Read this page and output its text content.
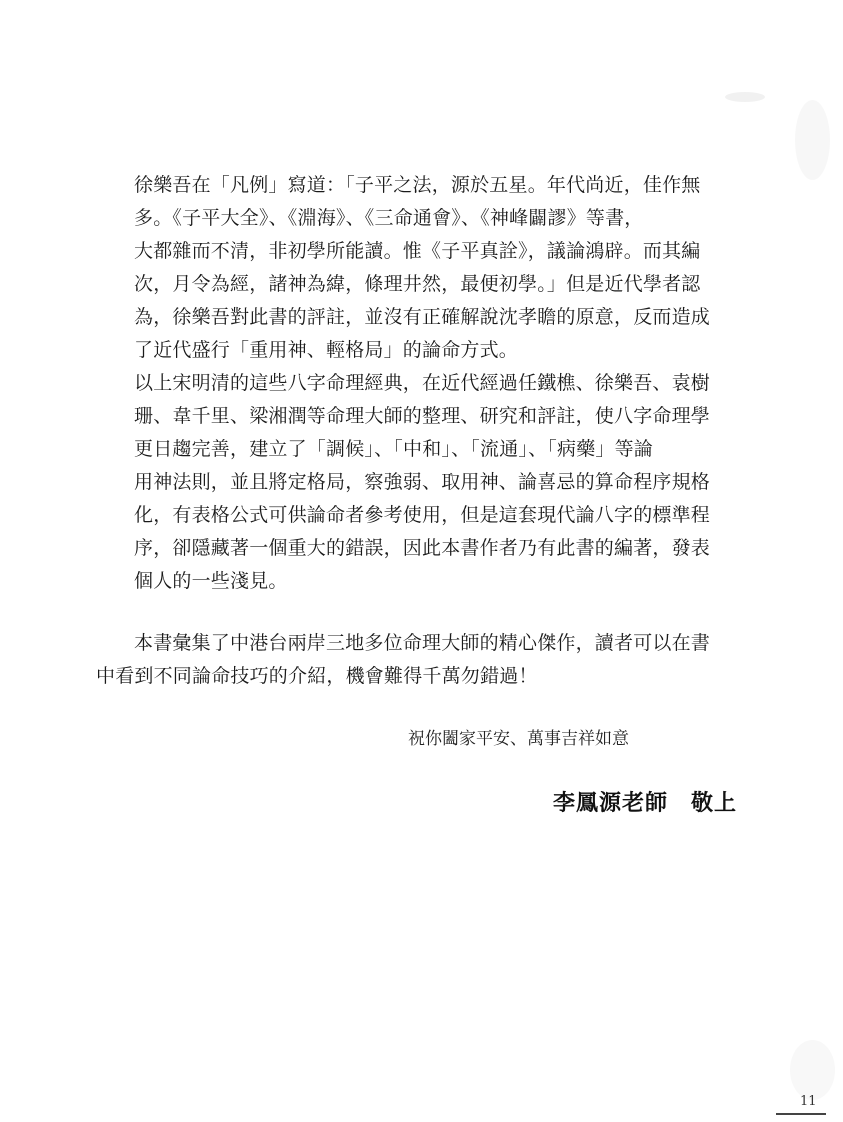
徐樂吾在「凡例」寫道：「子平之法，源於五星。年代尚近，佳作無
多。《子平大全》、《淵海》、《三命通會》、《神峰闢謬》等書，
大都雜而不清，非初學所能讀。惟《子平真詮》，議論鴻辟。而其編
次，月令為經，諸神為緯，條理井然，最便初學。」但是近代學者認
為，徐樂吾對此書的評註，並沒有正確解說沈孝瞻的原意，反而造成
了近代盛行「重用神、輕格局」的論命方式。
以上宋明清的這些八字命理經典，在近代經過任鐵樵、徐樂吾、袁樹
珊、韋千里、梁湘潤等命理大師的整理、研究和評註，使八字命理學
更日趨完善，建立了「調候」、「中和」、「流通」、「病藥」等論
用神法則，並且將定格局，察強弱、取用神、論喜忌的算命程序規格
化，有表格公式可供論命者參考使用，但是這套現代論八字的標準程
序，卻隱藏著一個重大的錯誤，因此本書作者乃有此書的編著，發表
個人的一些淺見。
本書彙集了中港台兩岸三地多位命理大師的精心傑作，讀者可以在書
中看到不同論命技巧的介紹，機會難得千萬勿錯過！
祝你闔家平安、萬事吉祥如意
李鳳源老師　敬上
11
